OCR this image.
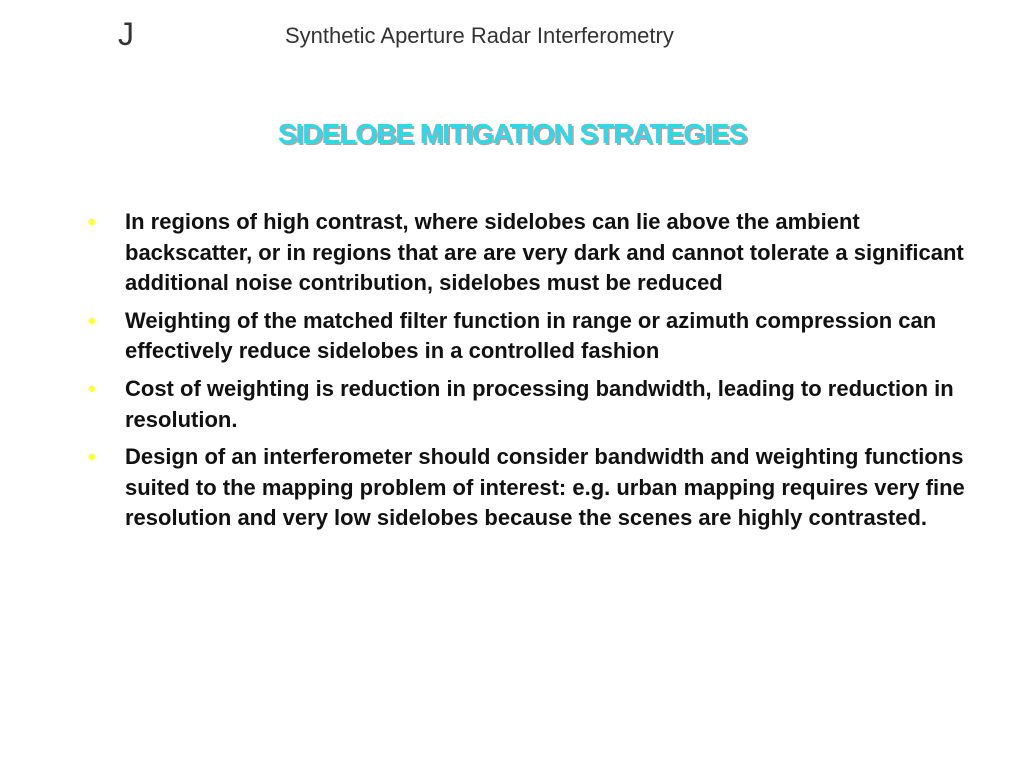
J	Synthetic Aperture Radar Interferometry
SIDELOBE MITIGATION STRATEGIES
● In regions of high contrast, where sidelobes can lie above the ambient backscatter, or in regions that are are very dark and cannot tolerate a significant additional noise contribution, sidelobes must be reduced
● Weighting of the matched filter function in range or azimuth compression can effectively reduce sidelobes in a controlled fashion
● Cost of weighting is reduction in processing bandwidth, leading to reduction in resolution.
● Design of an interferometer should consider bandwidth and weighting functions suited to the mapping problem of interest: e.g. urban mapping requires very fine resolution and very low sidelobes because the scenes are highly contrasted.
